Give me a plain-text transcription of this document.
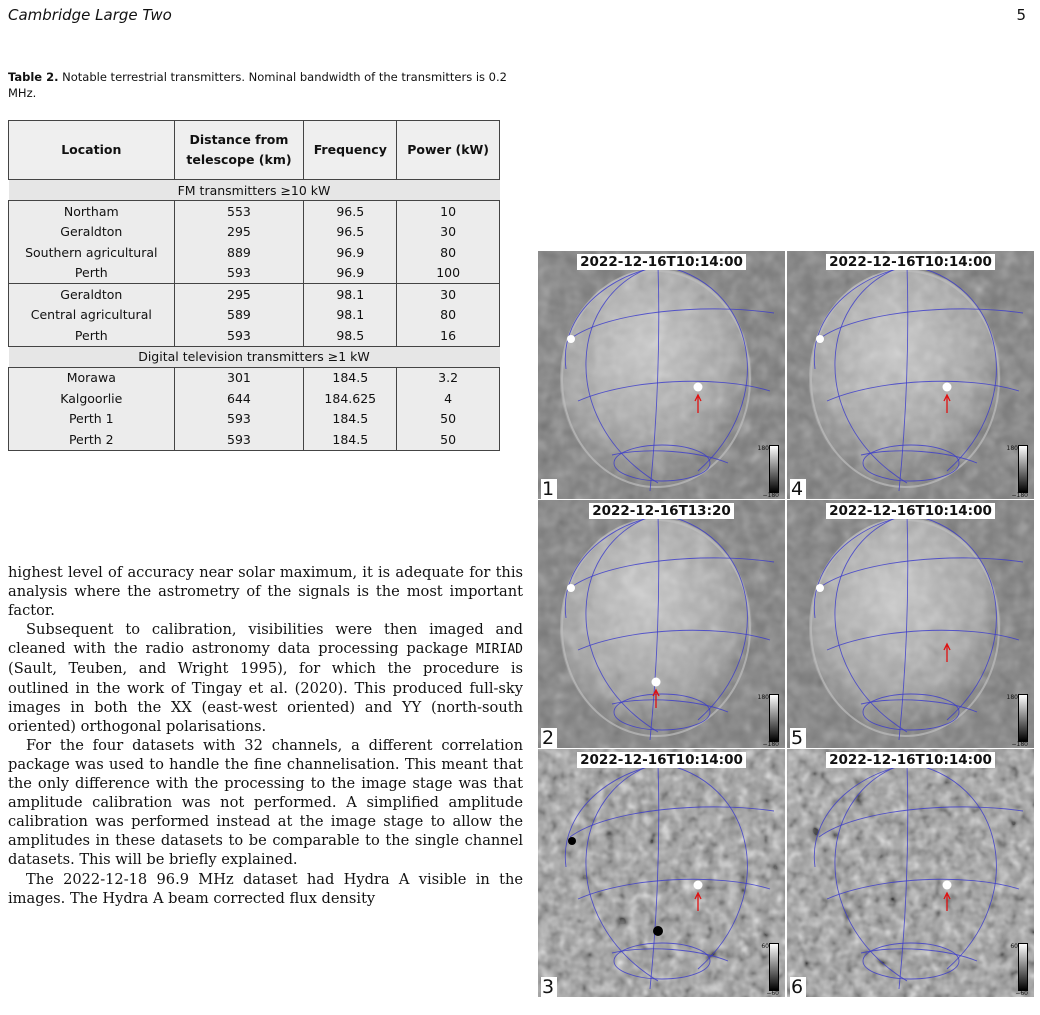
Cambridge Large Two	5
Table 2. Notable terrestrial transmitters. Nominal bandwidth of the transmitters is 0.2 MHz.
Location	Distance from telescope (km)	Frequency	Power (kW)
FM transmitters ≥10 kW			
Northam	553	96.5	10
Geraldton	295	96.5	30
Southern agricultural	889	96.9	80
Perth	593	96.9	100
Geraldton	295	98.1	30
Central agricultural	589	98.1	80
Perth	593	98.5	16
Digital television transmitters ≥1 kW			
Morawa	301	184.5	3.2
Kalgoorlie	644	184.625	4
Perth 1	593	184.5	50
Perth 2	593	184.5	50

highest level of accuracy near solar maximum, it is adequate for this analysis where the astrometry of the signals is the most important factor.

Subsequent to calibration, visibilities were then imaged and cleaned with the radio astronomy data processing package MIRIAD (Sault, Teuben, and Wright 1995), for which the procedure is outlined in the work of Tingay et al. (2020). This produced full-sky images in both the XX (east-west oriented) and YY (north-south oriented) orthogonal polarisations.

For the four datasets with 32 channels, a different correlation package was used to handle the fine channelisation. This meant that the only difference with the processing to the image stage was that amplitude calibration was not performed. A simplified amplitude calibration was performed instead at the image stage to allow the amplitudes in these datasets to be comparable to the single channel datasets. This will be briefly explained.

The 2022-12-18 96.9 MHz dataset had Hydra A visible in the images. The Hydra A beam corrected flux density

2022-12-16T10:14:00
1
180
−180
2022-12-16T10:14:00
4
180
−180
2022-12-16T13:20
2
180
−180
2022-12-16T10:14:00
5
180
−180
2022-12-16T10:14:00
3
60
−60
2022-12-16T10:14:00
6
60
−60
